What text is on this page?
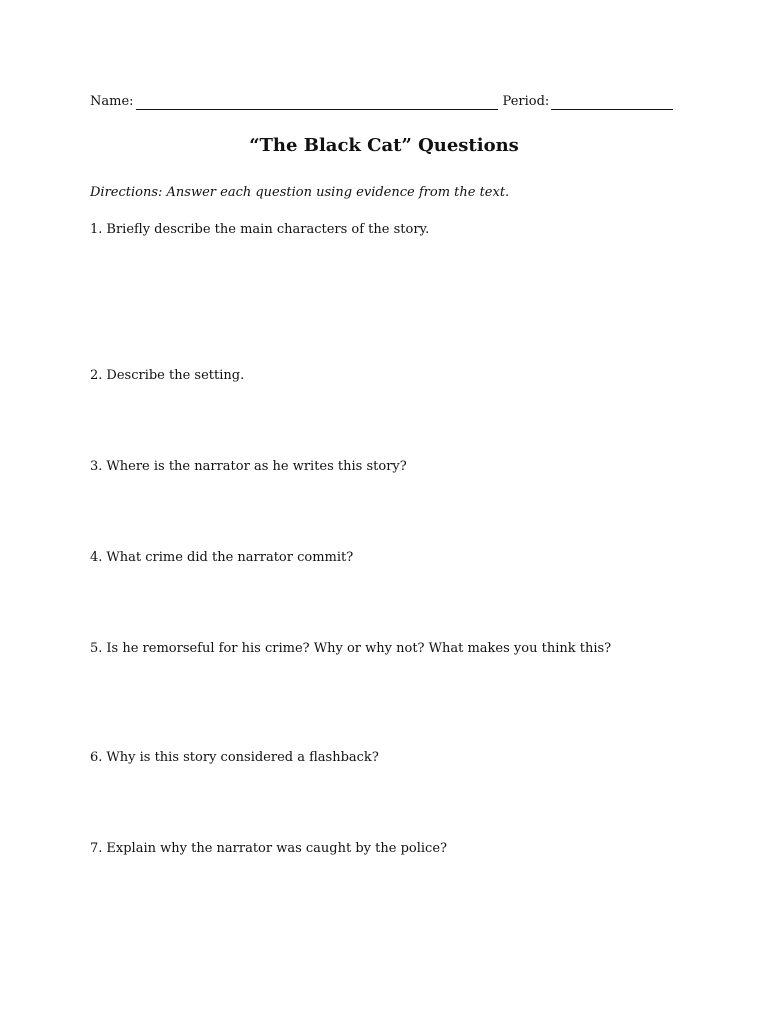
Name:	Period:
“The Black Cat” Questions
Directions: Answer each question using evidence from the text.
1. Briefly describe the main characters of the story.
2. Describe the setting.
3. Where is the narrator as he writes this story?
4. What crime did the narrator commit?
5. Is he remorseful for his crime? Why or why not? What makes you think this?
6. Why is this story considered a flashback?
7. Explain why the narrator was caught by the police?
